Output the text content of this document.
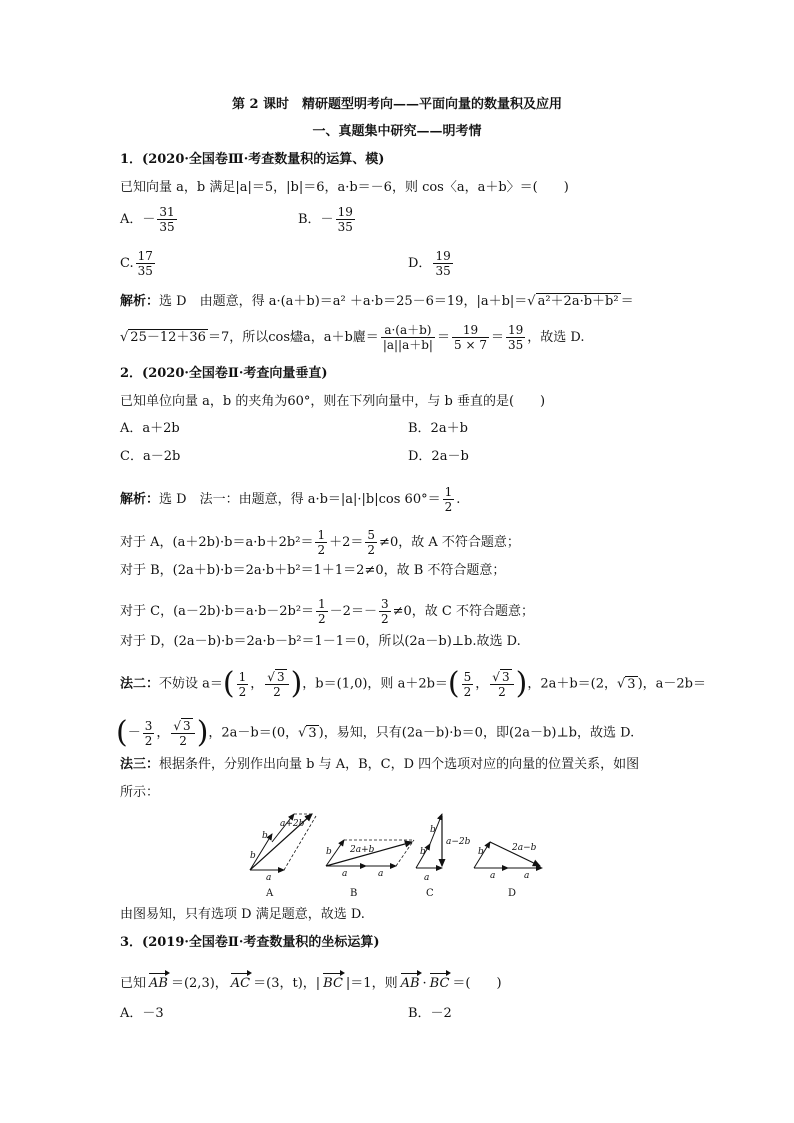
第 2 课时　精研题型明考向——平面向量的数量积及应用
一、真题集中研究——明考情
1．(2020·全国卷Ⅲ·考查数量积的运算、模)
已知向量 a，b 满足|a|＝5，|b|＝6，a·b＝－6，则 cos〈a，a＋b〉＝(　　)
A．－ $\frac{31}{35}$	B．－ $\frac{19}{35}$
C. $\frac{17}{35}$	D． $\frac{19}{35}$
解析：选 D　由题意，得 a·(a＋b)＝a² ＋a·b＝25－6＝19，|a＋b|＝√ a²＋2a·b＋b² ＝
√ 25－12＋36 ＝7，所以cos燼a，a＋b廲＝ $\frac{a\cdot(a+b)}{|a||a+b|} = \frac{19}{5 \times 7} = \frac{19}{35}$ ，故选 D.
2．(2020·全国卷Ⅱ·考查向量垂直)
已知单位向量 a，b 的夹角为60°，则在下列向量中，与 b 垂直的是(　　)
A．a＋2b	B．2a＋b
C．a－2b	D．2a－b
解析：选 D　法一：由题意，得 a·b＝|a|·|b|cos $60^\circ= \frac{1}{2}$ .
对于 A，$(a+2b)\cdot b=a\cdot b+2b^2= \frac{1}{2} +2= \frac{5}{2} \ne 0$，故 A 不符合题意；
对于 B，(2a＋b)·b＝2a·b＋b²＝1＋1＝2≠0，故 B 不符合题意；
对于 C，$(a-2b)\cdot b=a\cdot b-2b^2= \frac{1}{2} -2=- \frac{3}{2} \ne 0$，故 C 不符合题意；
对于 D，(2a－b)·b＝2a·b－b²＝1－1＝0，所以(2a－b)⊥b.故选 D.
法二：不妨设 $a=( \frac{1}{2}$ ， $\frac{√ 3}{2}$ )，b＝(1,0)，则 $a+2b=( \frac{5}{2}$ ， $\frac{√ 3}{2}$ )，2a＋b＝(2，√ 3 )，a－2b＝
(－ $\frac{3}{2}$ ， $\frac{√ 3}{2}$ )，2a－b＝(0，√ 3 )，易知，只有(2a－b)·b＝0，即(2a－b)⊥b，故选 D.
法三：根据条件，分别作出向量 b 与 A，B，C，D 四个选项对应的向量的位置关系，如图
所示：
b
b
a+2b
a
A
b 2a+b
a	a
B
b
b
a−2b
a
C
b	2a−b
a	a
D
由图易知，只有选项 D 满足题意，故选 D.
3．(2019·全国卷Ⅱ·考查数量积的坐标运算)
已知 AB ＝(2,3)， AC ＝(3，t)，| BC |＝1，则 AB · BC ＝(　　)
A．－3	B．－2
